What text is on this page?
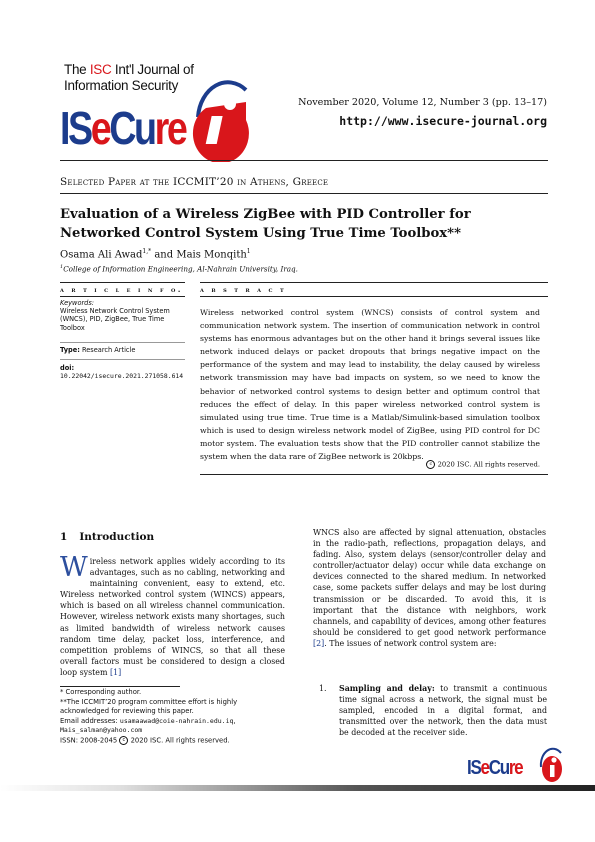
The ISC Int'l Journal of Information Security
ISeCure	November 2020, Volume 12, Number 3 (pp. 13–17)
http://www.isecure-journal.org
Selected Paper at the ICCMIT’20 in Athens, Greece
Evaluation of a Wireless ZigBee with PID Controller for Networked Control System Using True Time Toolbox**
Osama Ali Awad$^{1,*}$ and Mais Monqith$^1$
$^1$College of Information Engineering, Al-Nahrain University, Iraq.
a r t i c l e i n f o. a b s t r a c t
Keywords:
Wireless Network Control System (WNCS), PID, ZigBee, True Time Toolbox
Type: Research Article
doi: 10.22042/isecure.2021.271058.614
Wireless networked control system (WNCS) consists of control system and communication network system. The insertion of communication network in control systems has enormous advantages but on the other hand it brings several issues like network induced delays or packet dropouts that brings negative impact on the performance of the system and may lead to instability, the delay caused by wireless network transmission may have bad impacts on system, so we need to know the behavior of networked control systems to design better and optimum control that reduces the effect of delay. In this paper wireless networked control system is simulated using true time. True time is a Matlab/Simulink-based simulation toolbox which is used to design wireless network model of ZigBee, using PID control for DC motor system. The evaluation tests show that the PID controller cannot stabilize the system when the data rare of ZigBee network is 20kbps.
c 2020 ISC. All rights reserved.
1 Introduction
Wireless network applies widely according to its advantages, such as no cabling, networking and maintaining convenient, easy to extend, etc. Wireless networked control system (WINCS) appears, which is based on all wireless channel communication. However, wireless network exists many shortages, such as limited bandwidth of wireless network causes random time delay, packet loss, interference, and competition problems of WINCS, so that all these overall factors must be considered to design a closed loop system [1]
WNCS also are affected by signal attenuation, obstacles in the radio-path, reflections, propagation delays, and fading. Also, system delays (sensor/controller delay and controller/actuator delay) occur while data exchange on devices connected to the shared medium. In networked case, some packets suffer delays and may be lost during transmission or be discarded. To avoid this, it is important that the distance with neighbors, work channels, and capability of devices, among other features should be considered to get good network performance [2]. The issues of network control system are:
1.	Sampling and delay: to transmit a continuous time signal across a network, the signal must be sampled, encoded in a digital format, and transmitted over the network, then the data must be decoded at the receiver side.
* Corresponding author.
**The ICCMIT’20 program committee effort is highly acknowledged for reviewing this paper.
Email addresses: usamaawad@coie-nahrain.edu.iq,
Mais_salman@yahoo.com
ISSN: 2008-2045 c 2020 ISC. All rights reserved.
ISeCure
